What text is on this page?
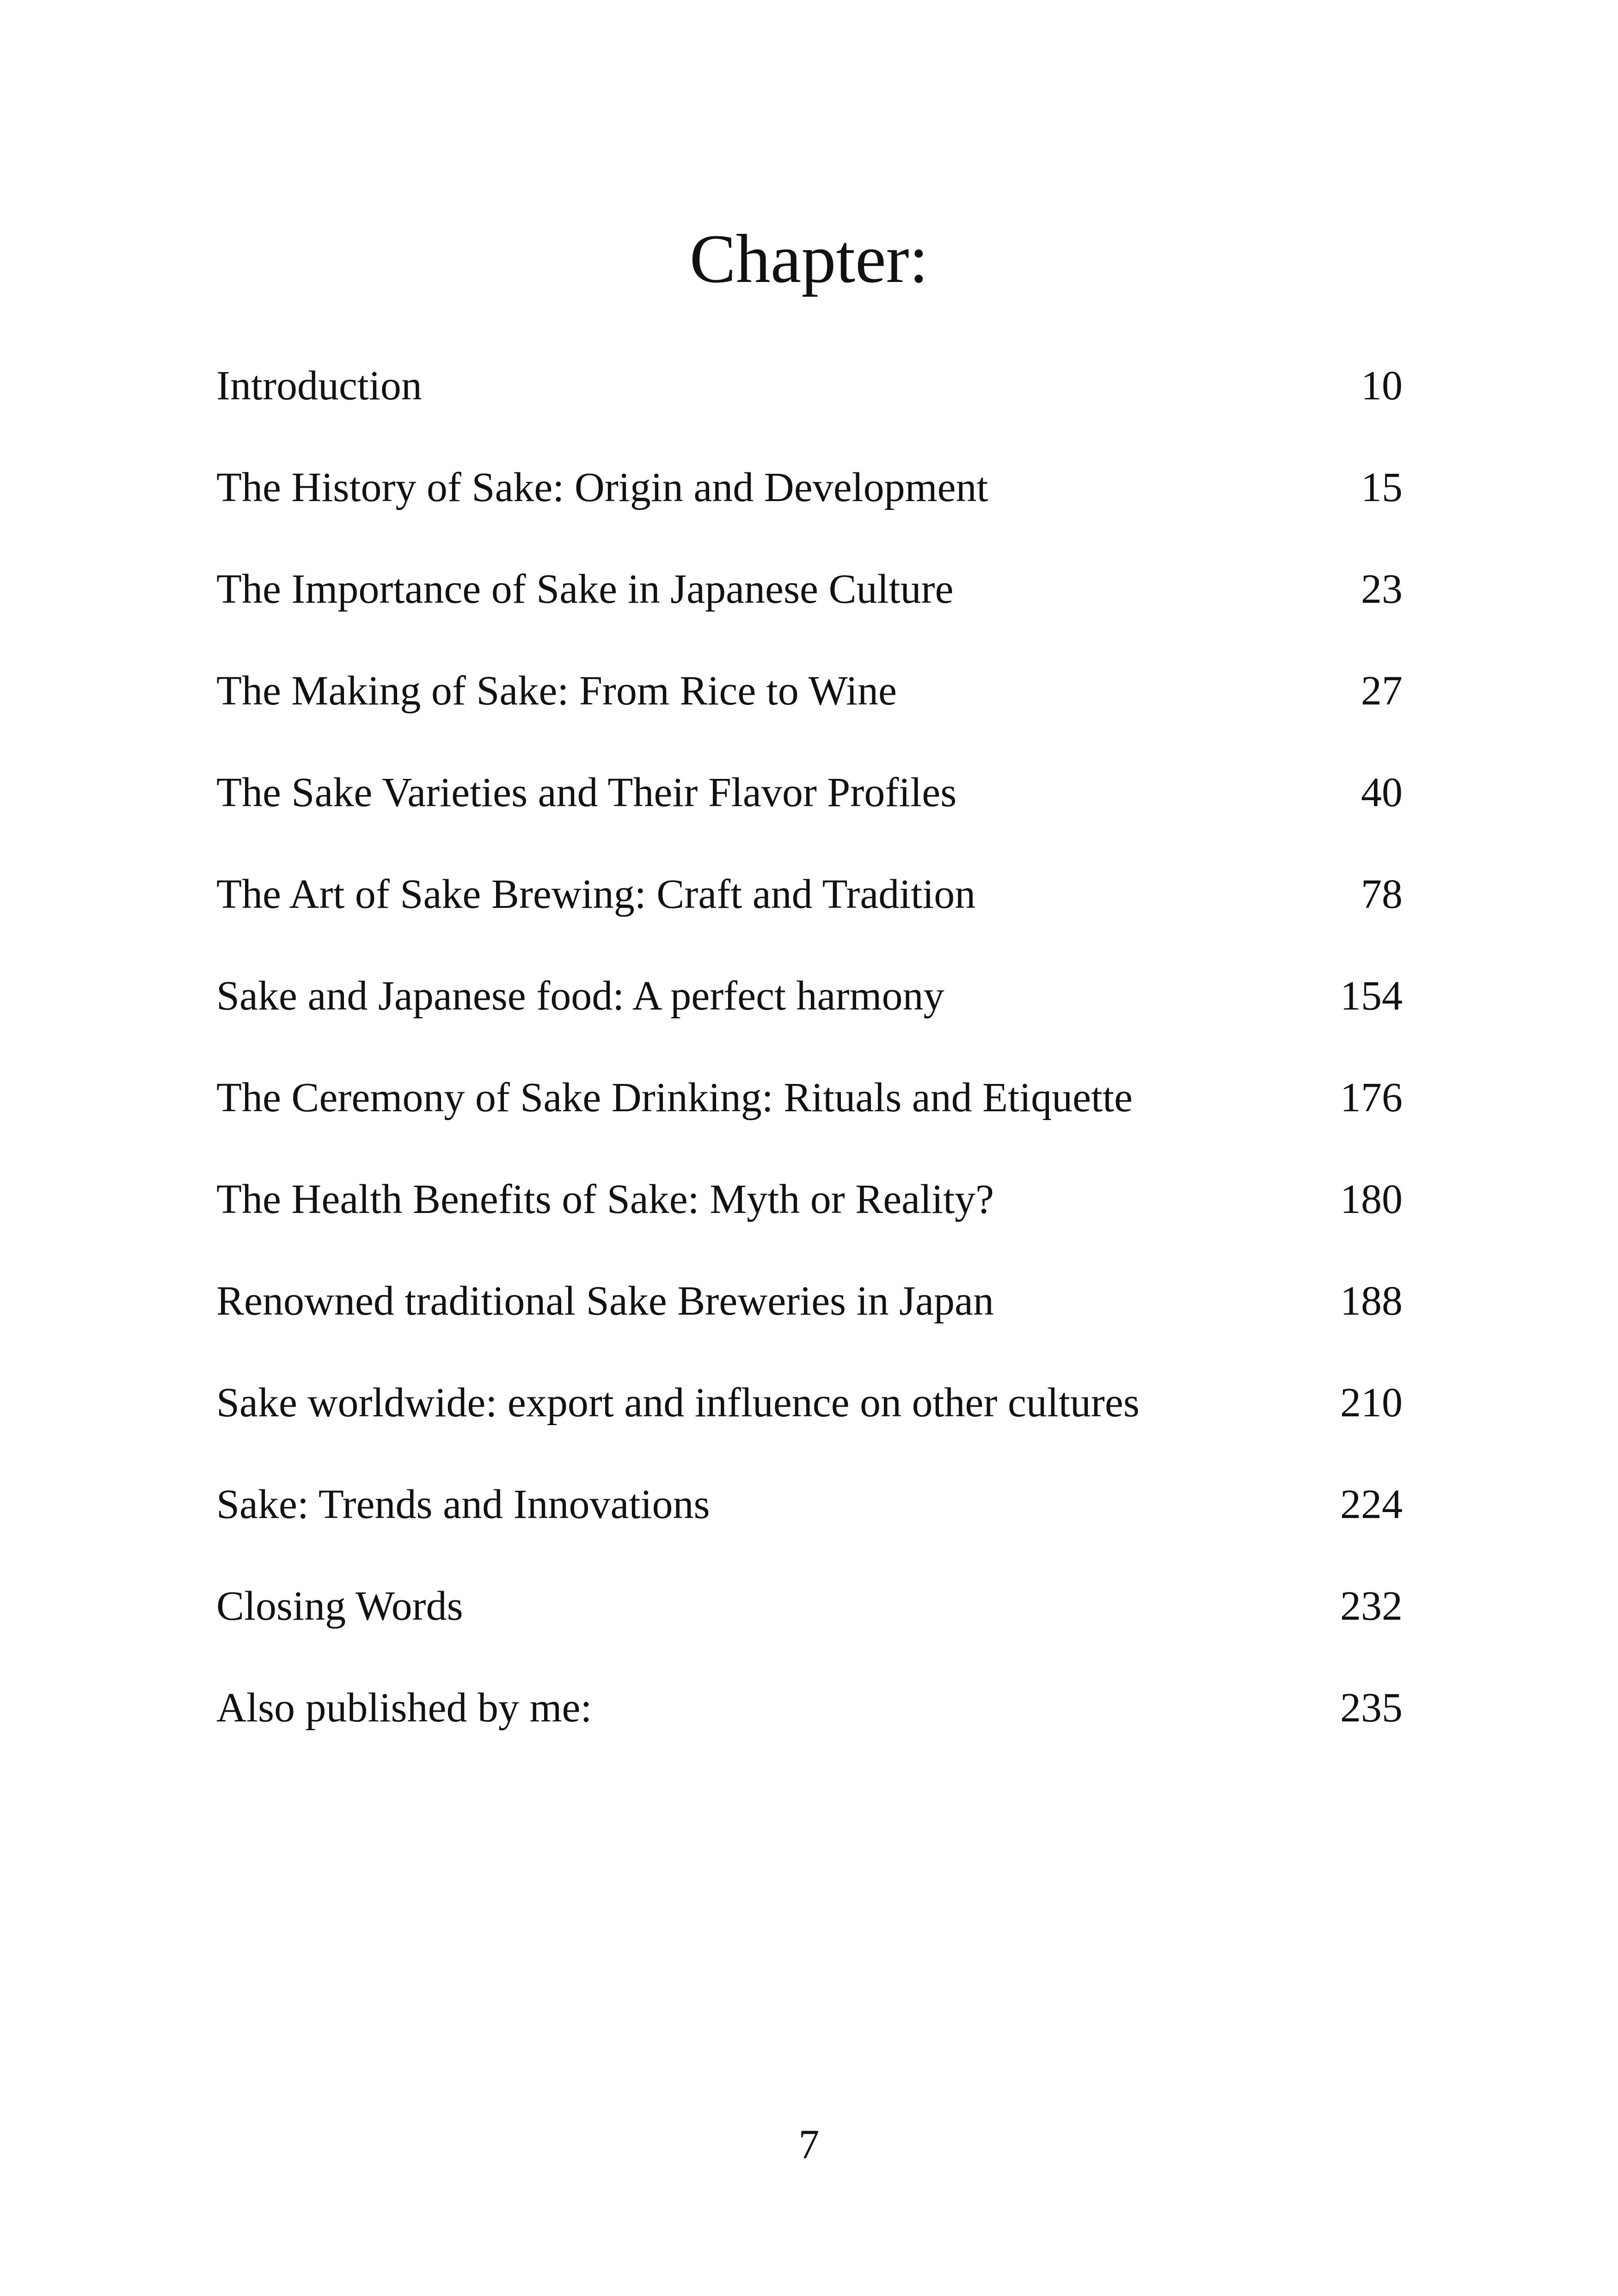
Chapter:
Introduction	10
The History of Sake: Origin and Development	15
The Importance of Sake in Japanese Culture	23
The Making of Sake: From Rice to Wine	27
The Sake Varieties and Their Flavor Profiles	40
The Art of Sake Brewing: Craft and Tradition	78
Sake and Japanese food: A perfect harmony	154
The Ceremony of Sake Drinking: Rituals and Etiquette	176
The Health Benefits of Sake: Myth or Reality?	180
Renowned traditional Sake Breweries in Japan	188
Sake worldwide: export and influence on other cultures	210
Sake: Trends and Innovations	224
Closing Words	232
Also published by me:	235
7
